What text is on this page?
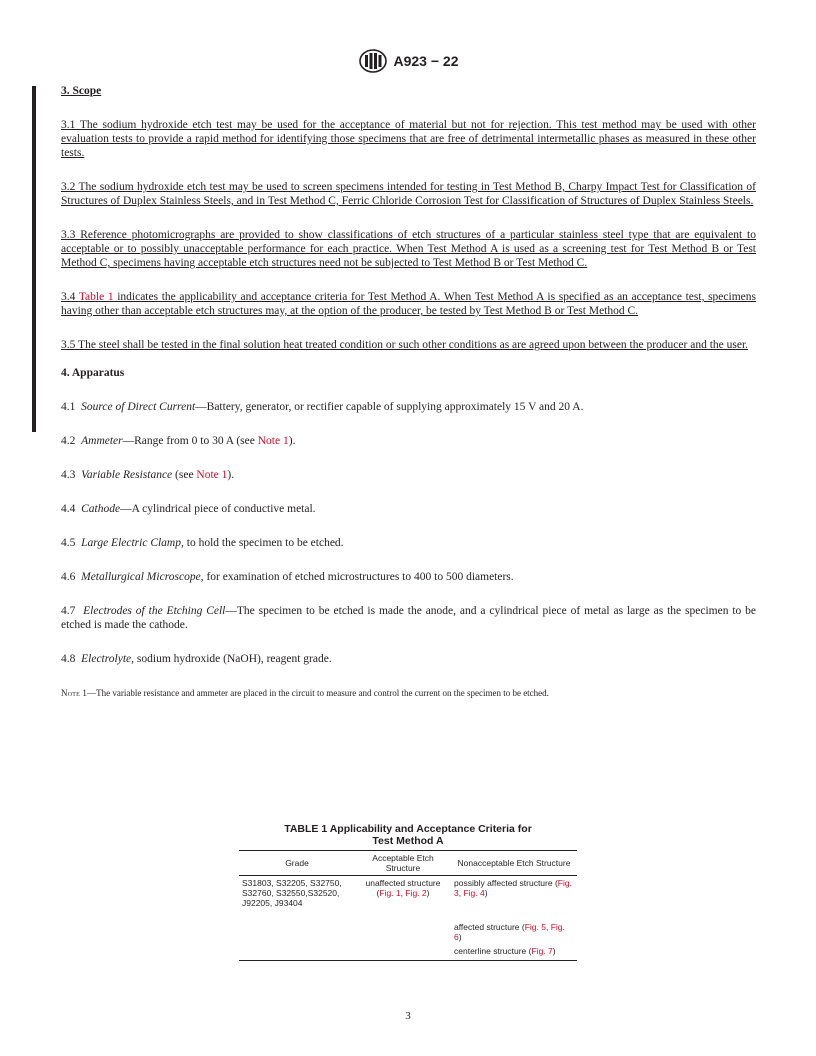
A923 − 22
3. Scope

3.1 The sodium hydroxide etch test may be used for the acceptance of material but not for rejection. This test method may be used with other evaluation tests to provide a rapid method for identifying those specimens that are free of detrimental intermetallic phases as measured in these other tests.

3.2 The sodium hydroxide etch test may be used to screen specimens intended for testing in Test Method B, Charpy Impact Test for Classification of Structures of Duplex Stainless Steels, and in Test Method C, Ferric Chloride Corrosion Test for Classification of Structures of Duplex Stainless Steels.

3.3 Reference photomicrographs are provided to show classifications of etch structures of a particular stainless steel type that are equivalent to acceptable or to possibly unacceptable performance for each practice. When Test Method A is used as a screening test for Test Method B or Test Method C, specimens having acceptable etch structures need not be subjected to Test Method B or Test Method C.

3.4 Table 1 indicates the applicability and acceptance criteria for Test Method A. When Test Method A is specified as an acceptance test, specimens having other than acceptable etch structures may, at the option of the producer, be tested by Test Method B or Test Method C.

3.5 The steel shall be tested in the final solution heat treated condition or such other conditions as are agreed upon between the producer and the user.

4. Apparatus

4.1 Source of Direct Current—Battery, generator, or rectifier capable of supplying approximately 15 V and 20 A.

4.2 Ammeter—Range from 0 to 30 A (see Note 1).

4.3 Variable Resistance (see Note 1).

4.4 Cathode—A cylindrical piece of conductive metal.

4.5 Large Electric Clamp, to hold the specimen to be etched.

4.6 Metallurgical Microscope, for examination of etched microstructures to 400 to 500 diameters.

4.7 Electrodes of the Etching Cell—The specimen to be etched is made the anode, and a cylindrical piece of metal as large as the specimen to be etched is made the cathode.

4.8 Electrolyte, sodium hydroxide (NaOH), reagent grade.

Note 1—The variable resistance and ammeter are placed in the circuit to measure and control the current on the specimen to be etched.

TABLE 1 Applicability and Acceptance Criteria for
Test Method A
Grade	Acceptable Etch Structure	Nonacceptable Etch Structure
S31803, S32205, S32750, S32760, S32550,S32520, J92205, J93404	unaffected structure (Fig. 1, Fig. 2)	possibly affected structure (Fig. 3, Fig. 4)
		affected structure (Fig. 5, Fig. 6)
		centerline structure (Fig. 7)
3
